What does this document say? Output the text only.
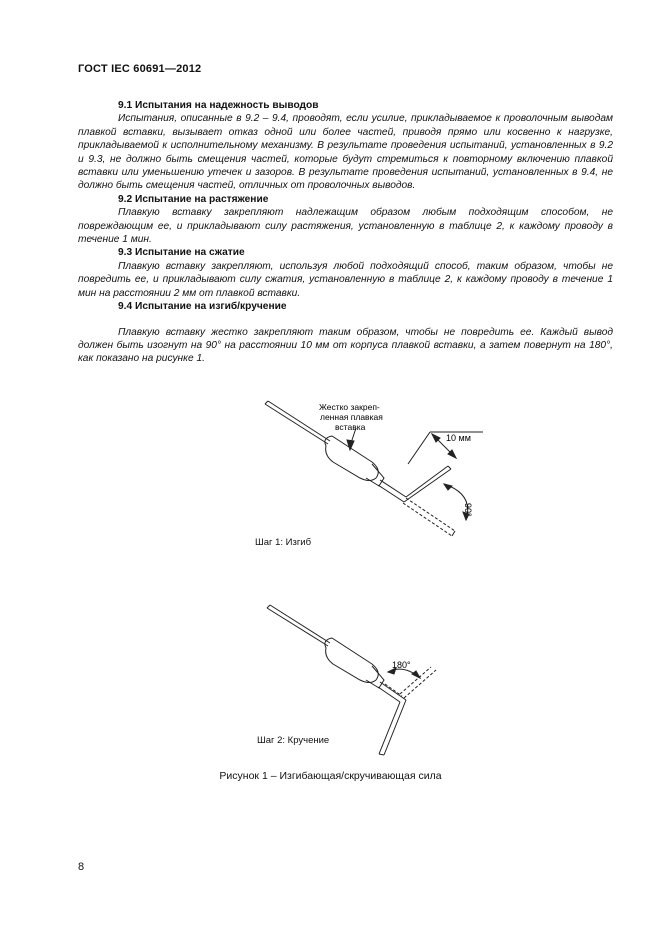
ГОСТ IEC 60691—2012

9.1 Испытания на надежность выводов

Испытания, описанные в 9.2 – 9.4, проводят, если усилие, прикладываемое к проволочным выводам плавкой вставки, вызывает отказ одной или более частей, приводя прямо или косвенно к нагрузке, прикладываемой к исполнительному механизму. В результате проведения испытаний, установленных в 9.2 и 9.3, не должно быть смещения частей, которые будут стремиться к повторному включению плавкой вставки или уменьшению утечек и зазоров. В результате проведения испытаний, установленных в 9.4, не должно быть смещения частей, отличных от проволочных выводов.

9.2 Испытание на растяжение

Плавкую вставку закрепляют надлежащим образом любым подходящим способом, не повреждающим ее, и прикладывают силу растяжения, установленную в таблице 2, к каждому проводу в течение 1 мин.

9.3 Испытание на сжатие

Плавкую вставку закрепляют, используя любой подходящий способ, таким образом, чтобы не повредить ее, и прикладывают силу сжатия, установленную в таблице 2, к каждому проводу в течение 1 мин на расстоянии 2 мм от плавкой вставки.

9.4 Испытание на изгиб/кручение

Плавкую вставку жестко закрепляют таким образом, чтобы не повредить ее. Каждый вывод должен быть изогнут на 90° на расстоянии 10 мм от корпуса плавкой вставки, а затем повернут на 180°, как показано на рисунке 1.

Жестко закреп-
ленная плавкая
вставка
10 мм
90°
180°
Шаг 1: Изгиб
Шаг 2: Кручение
Рисунок 1 – Изгибающая/скручивающая сила
8
